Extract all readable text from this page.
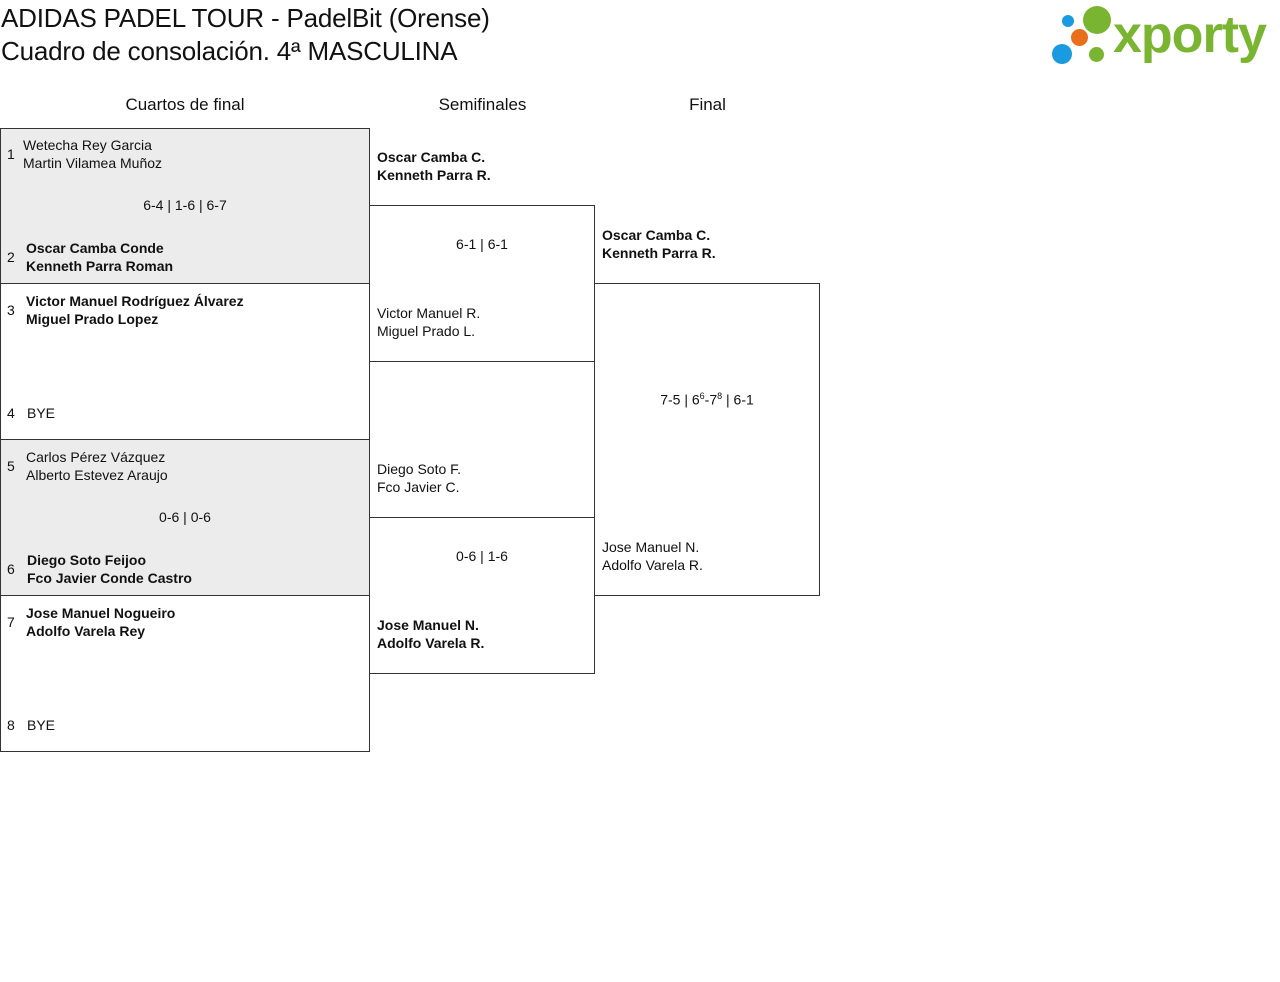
ADIDAS PADEL TOUR - PadelBit (Orense)
Cuadro de consolación. 4ª MASCULINA	xporty
Cuartos de final	Semifinales	Final
1
Wetecha Rey Garcia
Martin Vilamea Muñoz
6-4 | 1-6 | 6-7
2
Oscar Camba Conde
Kenneth Parra Roman
3
Victor Manuel Rodríguez Álvarez
Miguel Prado Lopez
4 BYE
5
Carlos Pérez Vázquez
Alberto Estevez Araujo
0-6 | 0-6
6
Diego Soto Feijoo
Fco Javier Conde Castro
7
Jose Manuel Nogueiro
Adolfo Varela Rey
8 BYE
Oscar Camba C.
Kenneth Parra R.
6-1 | 6-1
Victor Manuel R.
Miguel Prado L.
Diego Soto F.
Fco Javier C.
0-6 | 1-6
Jose Manuel N.
Adolfo Varela R.
Oscar Camba C.
Kenneth Parra R.
7-5 | $6^6-7^8$ | 6-1
Jose Manuel N.
Adolfo Varela R.
